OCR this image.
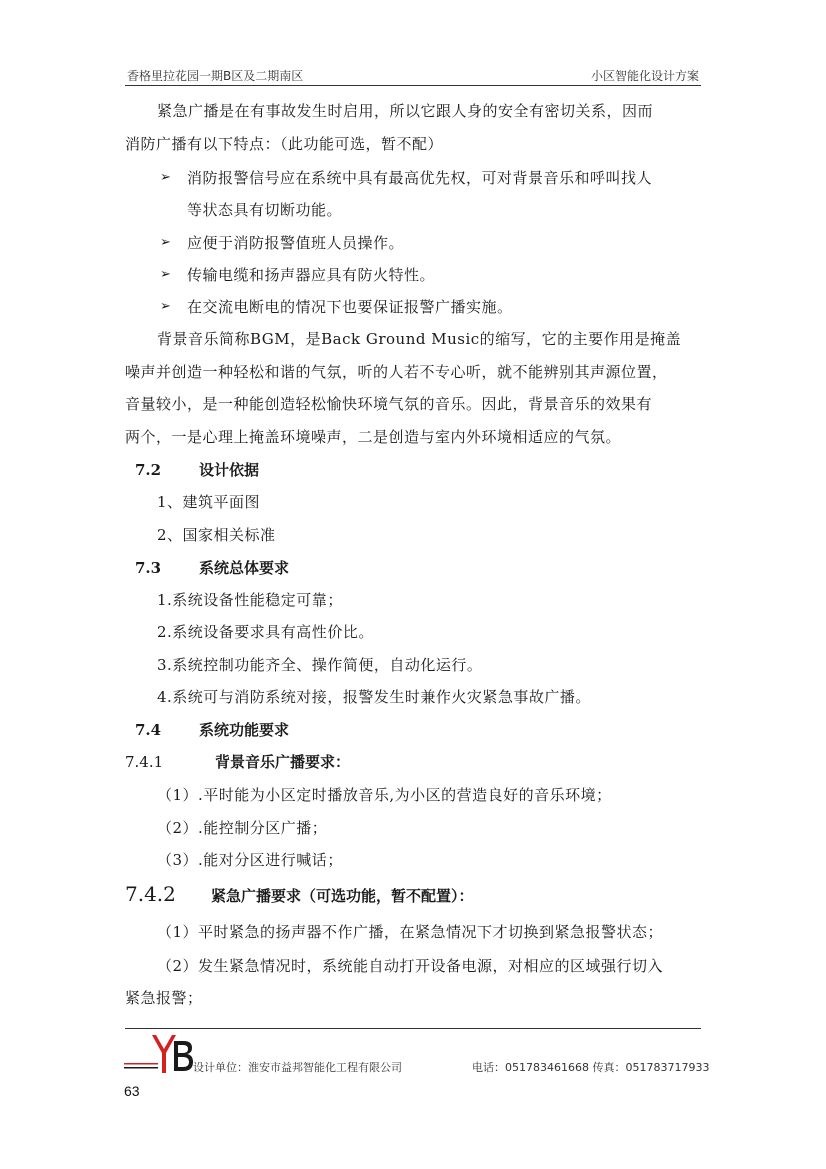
香格里拉花园一期B区及二期南区	小区智能化设计方案
紧急广播是在有事故发生时启用，所以它跟人身的安全有密切关系，因而
消防广播有以下特点：（此功能可选，暂不配）
➢ 消防报警信号应在系统中具有最高优先权，可对背景音乐和呼叫找人
等状态具有切断功能。
➢ 应便于消防报警值班人员操作。
➢ 传输电缆和扬声器应具有防火特性。
➢ 在交流电断电的情况下也要保证报警广播实施。
背景音乐简称BGM，是Back Ground Music的缩写，它的主要作用是掩盖
噪声并创造一种轻松和谐的气氛，听的人若不专心听，就不能辨别其声源位置，
音量较小，是一种能创造轻松愉快环境气氛的音乐。因此，背景音乐的效果有
两个，一是心理上掩盖环境噪声，二是创造与室内外环境相适应的气氛。
7.2	设计依据
1、建筑平面图
2、国家相关标准
7.3	系统总体要求
1.系统设备性能稳定可靠；
2.系统设备要求具有高性价比。
3.系统控制功能齐全、操作简便，自动化运行。
4.系统可与消防系统对接，报警发生时兼作火灾紧急事故广播。
7.4	系统功能要求
7.4.1	背景音乐广播要求：
（1）.平时能为小区定时播放音乐,为小区的营造良好的音乐环境；
（2）.能控制分区广播；
（3）.能对分区进行喊话；
7.4.2 紧急广播要求（可选功能，暂不配置）：
（1）平时紧急的扬声器不作广播，在紧急情况下才切换到紧急报警状态；
（2）发生紧急情况时，系统能自动打开设备电源，对相应的区域强行切入
紧急报警；
设计单位：淮安市益邦智能化工程有限公司	电话：051783461668 传真：051783717933
63
